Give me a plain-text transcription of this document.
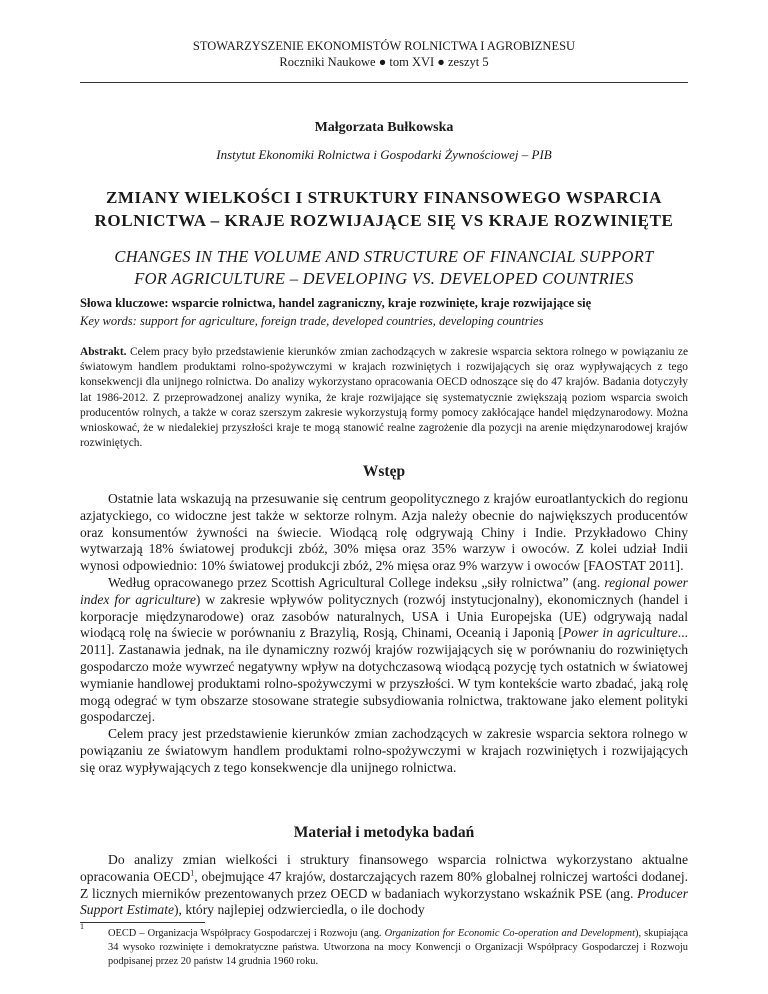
STOWARZYSZENIE EKONOMISTÓW ROLNICTWA I AGROBIZNESU
Roczniki Naukowe ● tom XVI ● zeszyt 5
Małgorzata Bułkowska
Instytut Ekonomiki Rolnictwa i Gospodarki Żywnościowej – PIB
ZMIANY WIELKOŚCI I STRUKTURY FINANSOWEGO WSPARCIA
ROLNICTWA – KRAJE ROZWIJAJĄCE SIĘ VS KRAJE ROZWINIĘTE
CHANGES IN THE VOLUME AND STRUCTURE OF FINANCIAL SUPPORT
FOR AGRICULTURE – DEVELOPING VS. DEVELOPED COUNTRIES
Słowa kluczowe: wsparcie rolnictwa, handel zagraniczny, kraje rozwinięte, kraje rozwijające się
Key words: support for agriculture, foreign trade, developed countries, developing countries
Abstrakt. Celem pracy było przedstawienie kierunków zmian zachodzących w zakresie wsparcia sektora rolnego w powiązaniu ze światowym handlem produktami rolno-spożywczymi w krajach rozwiniętych i rozwijających się oraz wypływających z tego konsekwencji dla unijnego rolnictwa. Do analizy wykorzystano opracowania OECD odnoszące się do 47 krajów. Badania dotyczyły lat 1986-2012. Z przeprowadzonej analizy wynika, że kraje rozwijające się systematycznie zwiększają poziom wsparcia swoich producentów rolnych, a także w coraz szerszym zakresie wykorzystują formy pomocy zakłócające handel międzynarodowy. Można wnioskować, że w niedalekiej przyszłości kraje te mogą stanowić realne zagrożenie dla pozycji na arenie międzynarodowej krajów rozwiniętych.
Wstęp

Ostatnie lata wskazują na przesuwanie się centrum geopolitycznego z krajów euroatlantyckich do regionu azjatyckiego, co widoczne jest także w sektorze rolnym. Azja należy obecnie do największych producentów oraz konsumentów żywności na świecie. Wiodącą rolę odgrywają Chiny i Indie. Przykładowo Chiny wytwarzają 18% światowej produkcji zbóż, 30% mięsa oraz 35% warzyw i owoców. Z kolei udział Indii wynosi odpowiednio: 10% światowej produkcji zbóż, 2% mięsa oraz 9% warzyw i owoców [FAOSTAT 2011].

Według opracowanego przez Scottish Agricultural College indeksu „siły rolnictwa” (ang. regional power index for agriculture) w zakresie wpływów politycznych (rozwój instytucjonalny), ekonomicznych (handel i korporacje międzynarodowe) oraz zasobów naturalnych, USA i Unia Europejska (UE) odgrywają nadal wiodącą rolę na świecie w porównaniu z Brazylią, Rosją, Chinami, Oceanią i Japonią [Power in agriculture... 2011]. Zastanawia jednak, na ile dynamiczny rozwój krajów rozwijających się w porównaniu do rozwiniętych gospodarczo może wywrzeć negatywny wpływ na dotychczasową wiodącą pozycję tych ostatnich w światowej wymianie handlowej produktami rolno-spożywczymi w przyszłości. W tym kontekście warto zbadać, jaką rolę mogą odegrać w tym obszarze stosowane strategie subsydiowania rolnictwa, traktowane jako element polityki gospodarczej.

Celem pracy jest przedstawienie kierunków zmian zachodzących w zakresie wsparcia sektora rolnego w powiązaniu ze światowym handlem produktami rolno-spożywczymi w krajach rozwiniętych i rozwijających się oraz wypływających z tego konsekwencje dla unijnego rolnictwa.

Materiał i metodyka badań

Do analizy zmian wielkości i struktury finansowego wsparcia rolnictwa wykorzystano aktualne opracowania OECD$^1$, obejmujące 47 krajów, dostarczających razem 80% globalnej rolniczej wartości dodanej. Z licznych mierników prezentowanych przez OECD w badaniach wykorzystano wskaźnik PSE (ang. Producer Support Estimate), który najlepiej odzwierciedla, o ile dochody

1
OECD – Organizacja Współpracy Gospodarczej i Rozwoju (ang. Organization for Economic Co-operation and Development), skupiająca 34 wysoko rozwinięte i demokratyczne państwa. Utworzona na mocy Konwencji o Organizacji Współpracy Gospodarczej i Rozwoju podpisanej przez 20 państw 14 grudnia 1960 roku.
